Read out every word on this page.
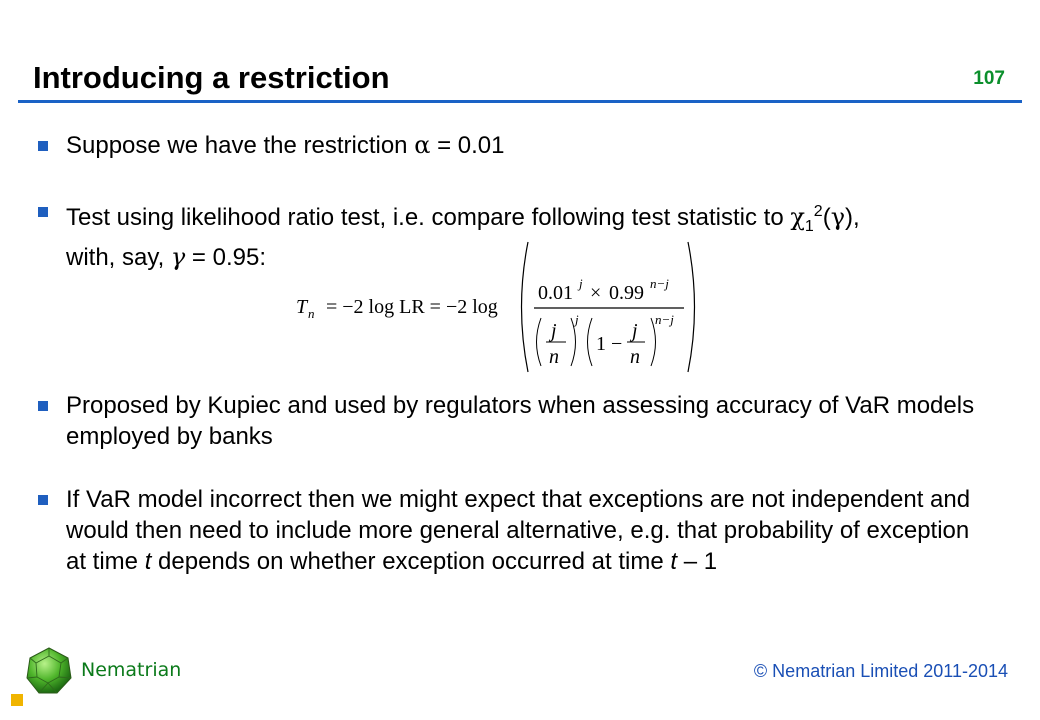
Introducing a restriction	107
Suppose we have the restriction α = 0.01
Test using likelihood ratio test, i.e. compare following test statistic to $\chi_1^2(\gamma)$,
with, say, γ = 0.95:
T n = −2 log LR = −2 log
0.01 j × 0.99 n−j
j
n
j
1 −
j
n
n−j
Proposed by Kupiec and used by regulators when assessing accuracy of VaR models employed by banks
If VaR model incorrect then we might expect that exceptions are not independent and would then need to include more general alternative, e.g. that probability of exception at time t depends on whether exception occurred at time t – 1
Nematrian	© Nematrian Limited 2011-2014
